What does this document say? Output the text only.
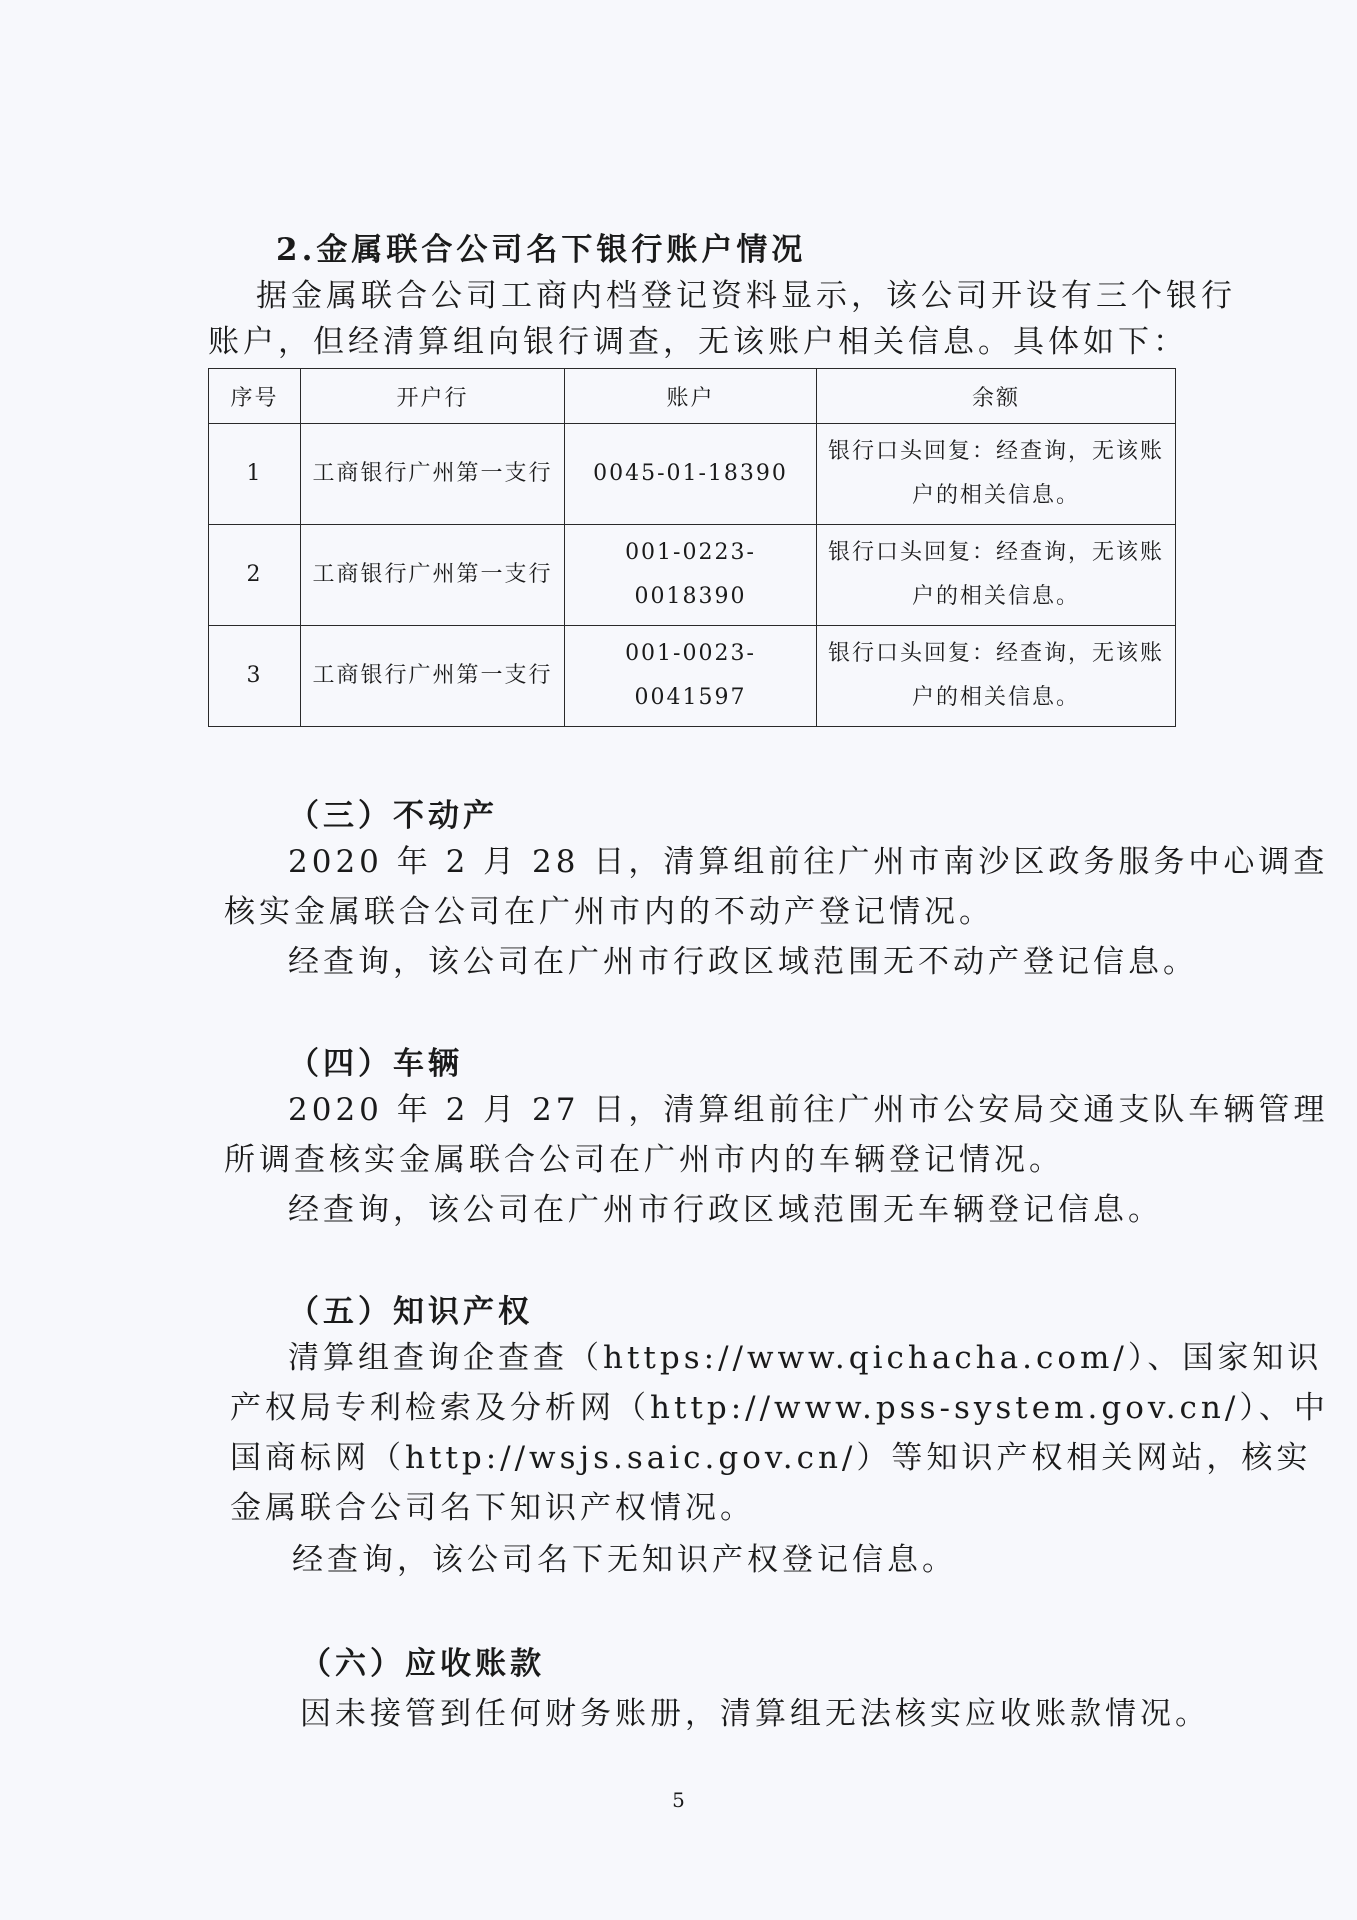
2.金属联合公司名下银行账户情况
据金属联合公司工商内档登记资料显示，该公司开设有三个银行
账户，但经清算组向银行调查，无该账户相关信息。具体如下：
序号	开户行	账户	余额
1	工商银行广州第一支行	0045-01-18390	银行口头回复：经查询，无该账户的相关信息。
2	工商银行广州第一支行	001-0223-0018390	银行口头回复：经查询，无该账户的相关信息。
3	工商银行广州第一支行	001-0023-0041597	银行口头回复：经查询，无该账户的相关信息。
（三）不动产
2020 年 2 月 28 日，清算组前往广州市南沙区政务服务中心调查
核实金属联合公司在广州市内的不动产登记情况。
经查询，该公司在广州市行政区域范围无不动产登记信息。
（四）车辆
2020 年 2 月 27 日，清算组前往广州市公安局交通支队车辆管理
所调查核实金属联合公司在广州市内的车辆登记情况。
经查询，该公司在广州市行政区域范围无车辆登记信息。
（五）知识产权
清算组查询企查查（https://www.qichacha.com/）、国家知识
产权局专利检索及分析网（http://www.pss-system.gov.cn/）、中
国商标网（http://wsjs.saic.gov.cn/）等知识产权相关网站，核实
金属联合公司名下知识产权情况。
经查询，该公司名下无知识产权登记信息。
（六）应收账款
因未接管到任何财务账册，清算组无法核实应收账款情况。
5
